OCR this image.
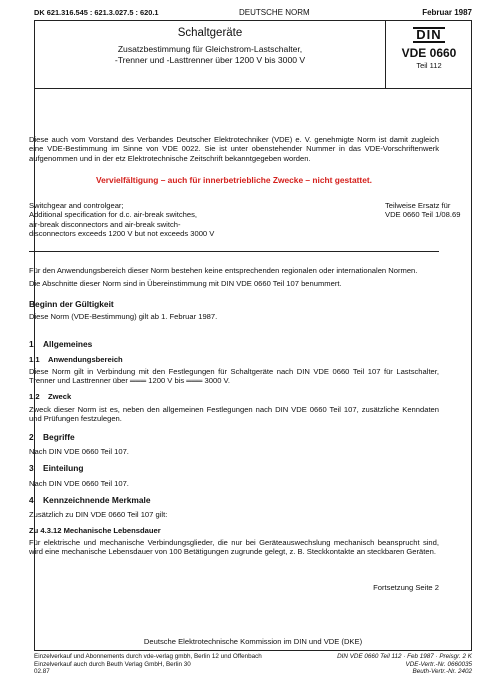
DK 621.316.545 : 621.3.027.5 : 620.1	DEUTSCHE NORM	Februar 1987
Schaltgeräte
Zusatzbestimmung für Gleichstrom-Lastschalter,
-Trenner und -Lasttrenner über 1200 V bis 3000 V
DIN
VDE 0660
Teil 112
Diese auch vom Vorstand des Verbandes Deutscher Elektrotechniker (VDE) e. V. genehmigte Norm ist damit zugleich eine VDE-Bestimmung im Sinne von VDE 0022. Sie ist unter obenstehender Nummer in das VDE-Vorschriftenwerk aufgenommen und in der etz Elektrotechnische Zeitschrift bekanntgegeben worden.
Vervielfältigung – auch für innerbetriebliche Zwecke – nicht gestattet.
Switchgear and controlgear;
Additional specification for d.c. air-break switches,
air-break disconnectors and air-break switch-
disconnectors exceeds 1200 V but not exceeds 3000 V
Teilweise Ersatz für
VDE 0660 Teil 1/08.69
Für den Anwendungsbereich dieser Norm bestehen keine entsprechenden regionalen oder internationalen Normen.
Die Abschnitte dieser Norm sind in Übereinstimmung mit DIN VDE 0660 Teil 107 benummert.
Beginn der Gültigkeit
Diese Norm (VDE-Bestimmung) gilt ab 1. Februar 1987.
1 Allgemeines
1.1 Anwendungsbereich
Diese Norm gilt in Verbindung mit den Festlegungen für Schaltgeräte nach DIN VDE 0660 Teil 107 für Lastschalter, Trenner und Lasttrenner über ═══ 1200 V bis ═══ 3000 V.
1.2 Zweck
Zweck dieser Norm ist es, neben den allgemeinen Festlegungen nach DIN VDE 0660 Teil 107, zusätzliche Kenndaten und Prüfungen festzulegen.
2 Begriffe
Nach DIN VDE 0660 Teil 107.
3 Einteilung
Nach DIN VDE 0660 Teil 107.
4 Kennzeichnende Merkmale
Zusätzlich zu DIN VDE 0660 Teil 107 gilt:
Zu 4.3.12 Mechanische Lebensdauer
Für elektrische und mechanische Verbindungsglieder, die nur bei Geräteauswechslung mechanisch beansprucht sind, wird eine mechanische Lebensdauer von 100 Betätigungen zugrunde gelegt, z. B. Steckkontakte an steckbaren Geräten.
Fortsetzung Seite 2
Deutsche Elektrotechnische Kommission im DIN und VDE (DKE)
Einzelverkauf und Abonnements durch vde-verlag gmbh, Berlin 12 und Offenbach
Einzelverkauf auch durch Beuth Verlag GmbH, Berlin 30
02.87
DIN VDE 0660 Teil 112 · Feb 1987 · Preisgr. 2 K
VDE-Vertr.-Nr. 0660035
Beuth-Vertr.-Nr. 2402
